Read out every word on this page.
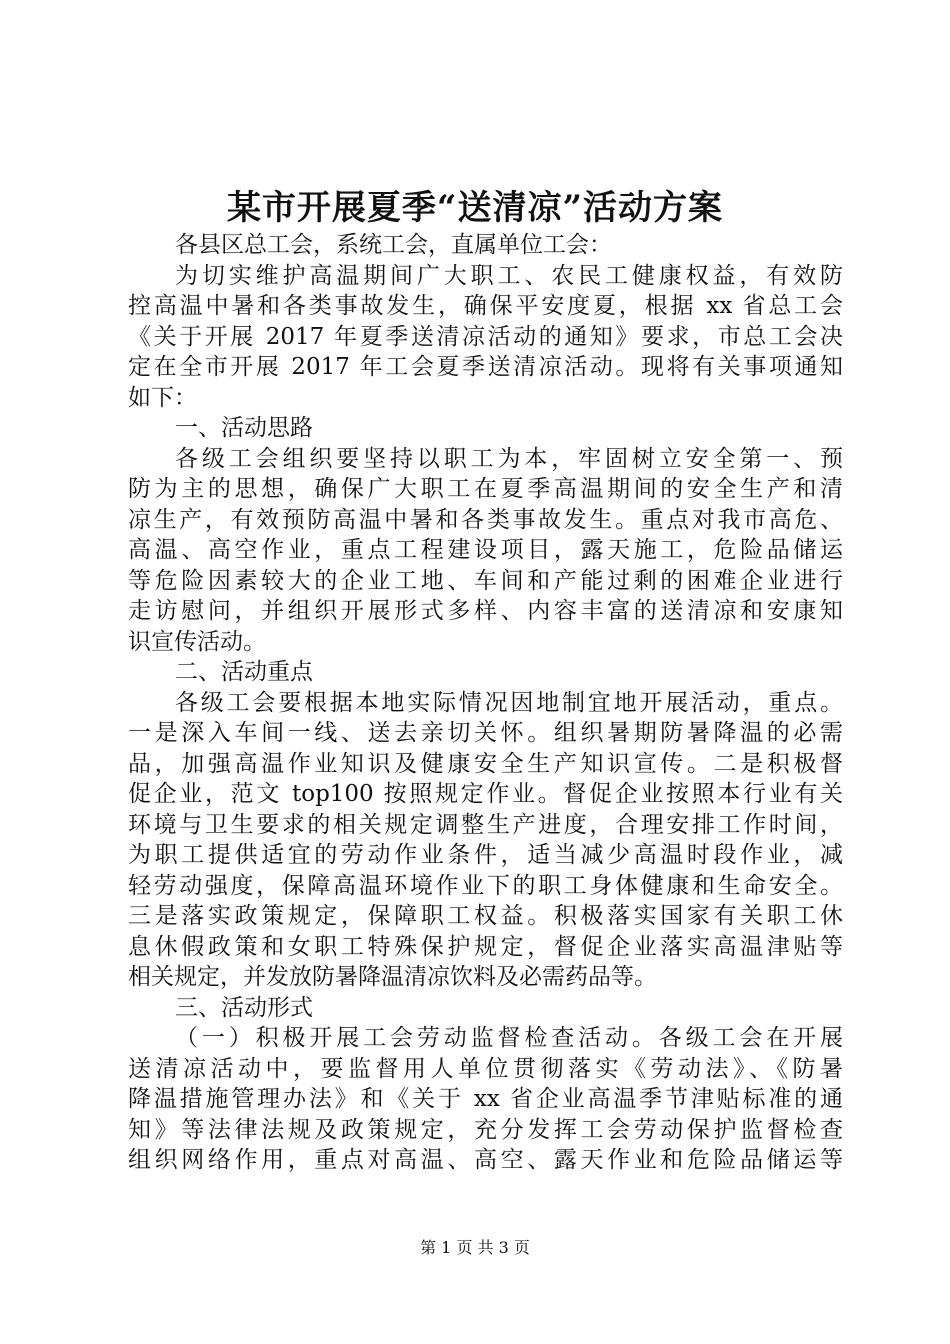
某市开展夏季“送清凉”活动方案
各县区总工会，系统工会，直属单位工会：
为切实维护高温期间广大职工、农民工健康权益，有效防
控高温中暑和各类事故发生，确保平安度夏，根据 xx 省总工会
《关于开展 2017 年夏季送清凉活动的通知》要求，市总工会决
定在全市开展 2017 年工会夏季送清凉活动。现将有关事项通知
如下：
一、活动思路
各级工会组织要坚持以职工为本，牢固树立安全第一、预
防为主的思想，确保广大职工在夏季高温期间的安全生产和清
凉生产，有效预防高温中暑和各类事故发生。重点对我市高危、
高温、高空作业，重点工程建设项目，露天施工，危险品储运
等危险因素较大的企业工地、车间和产能过剩的困难企业进行
走访慰问，并组织开展形式多样、内容丰富的送清凉和安康知
识宣传活动。
二、活动重点
各级工会要根据本地实际情况因地制宜地开展活动，重点。
一是深入车间一线、送去亲切关怀。组织暑期防暑降温的必需
品，加强高温作业知识及健康安全生产知识宣传。二是积极督
促企业，范文 top100 按照规定作业。督促企业按照本行业有关
环境与卫生要求的相关规定调整生产进度，合理安排工作时间，
为职工提供适宜的劳动作业条件，适当减少高温时段作业，减
轻劳动强度，保障高温环境作业下的职工身体健康和生命安全。
三是落实政策规定，保障职工权益。积极落实国家有关职工休
息休假政策和女职工特殊保护规定，督促企业落实高温津贴等
相关规定，并发放防暑降温清凉饮料及必需药品等。
三、活动形式
（一）积极开展工会劳动监督检查活动。各级工会在开展
送清凉活动中，要监督用人单位贯彻落实《劳动法》、《防暑
降温措施管理办法》和《关于 xx 省企业高温季节津贴标准的通
知》等法律法规及政策规定，充分发挥工会劳动保护监督检查
组织网络作用，重点对高温、高空、露天作业和危险品储运等
第 1 页 共 3 页
